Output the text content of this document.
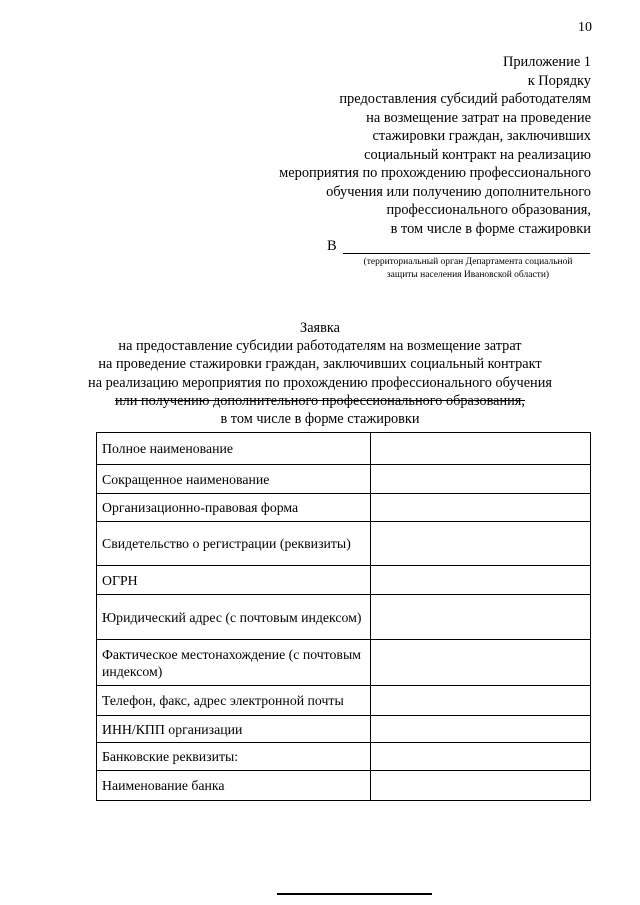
10
Приложение 1
к Порядку
предоставления субсидий работодателям
на возмещение затрат на проведение
стажировки граждан, заключивших
социальный контракт на реализацию
мероприятия по прохождению профессионального
обучения или получению дополнительного
профессионального образования,
в том числе в форме стажировки
В
(территориальный орган Департамента социальной
защиты населения Ивановской области)
Заявка
на предоставление субсидии работодателям на возмещение затрат
на проведение стажировки граждан, заключивших социальный контракт
на реализацию мероприятия по прохождению профессионального обучения
или получению дополнительного профессионального образования,
в том числе в форме стажировки
Полное наименование	
Сокращенное наименование	
Организационно-правовая форма	
Свидетельство о регистрации (реквизиты)	
ОГРН	
Юридический адрес (с почтовым индексом)	
Фактическое местонахождение (с почтовым индексом)	
Телефон, факс, адрес электронной почты	
ИНН/КПП организации	
Банковские реквизиты:	
Наименование банка	
